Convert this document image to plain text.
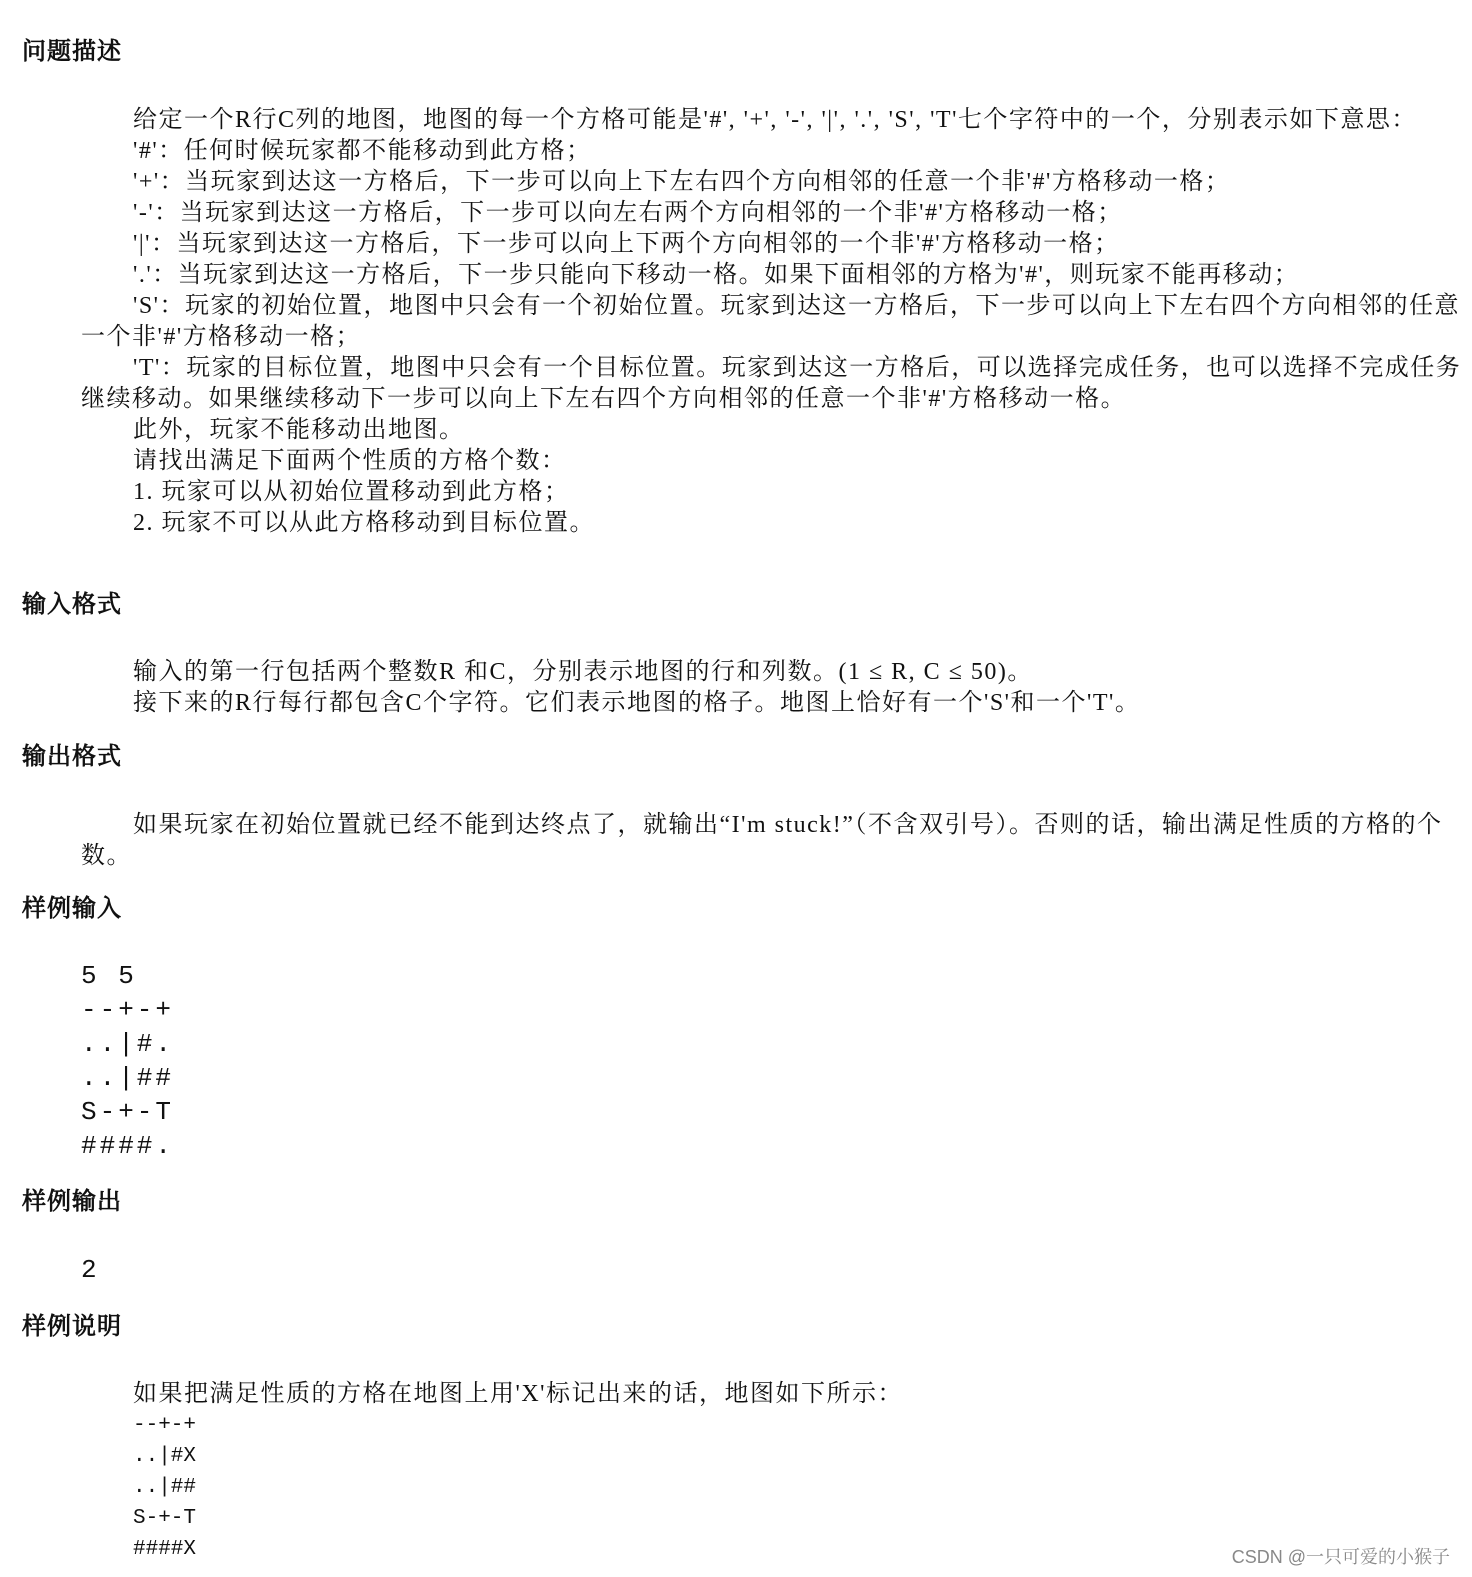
问题描述

给定一个R行C列的地图，地图的每一个方格可能是'#', '+', '-', '|', '.', 'S', 'T'七个字符中的一个，分别表示如下意思：

'#'：任何时候玩家都不能移动到此方格；

'+'：当玩家到达这一方格后，下一步可以向上下左右四个方向相邻的任意一个非'#'方格移动一格；

'-'：当玩家到达这一方格后，下一步可以向左右两个方向相邻的一个非'#'方格移动一格；

'|'：当玩家到达这一方格后，下一步可以向上下两个方向相邻的一个非'#'方格移动一格；

'.'：当玩家到达这一方格后，下一步只能向下移动一格。如果下面相邻的方格为'#'，则玩家不能再移动；

'S'：玩家的初始位置，地图中只会有一个初始位置。玩家到达这一方格后，下一步可以向上下左右四个方向相邻的任意一个非'#'方格移动一格；

'T'：玩家的目标位置，地图中只会有一个目标位置。玩家到达这一方格后，可以选择完成任务，也可以选择不完成任务继续移动。如果继续移动下一步可以向上下左右四个方向相邻的任意一个非'#'方格移动一格。

此外，玩家不能移动出地图。

请找出满足下面两个性质的方格个数：

1. 玩家可以从初始位置移动到此方格；

2. 玩家不可以从此方格移动到目标位置。

输入格式

输入的第一行包括两个整数R 和C，分别表示地图的行和列数。(1 ≤ R, C ≤ 50)。

接下来的R行每行都包含C个字符。它们表示地图的格子。地图上恰好有一个'S'和一个'T'。

输出格式

如果玩家在初始位置就已经不能到达终点了，就输出“I'm stuck!”（不含双引号）。否则的话，输出满足性质的方格的个数。

样例输入
5 5
--+-+
..|#.
..|##
S-+-T
####.
样例输出
2
样例说明

如果把满足性质的方格在地图上用'X'标记出来的话，地图如下所示：

--+-+
..|#X
..|##
S-+-T
####X	CSDN @一只可爱的小猴子
